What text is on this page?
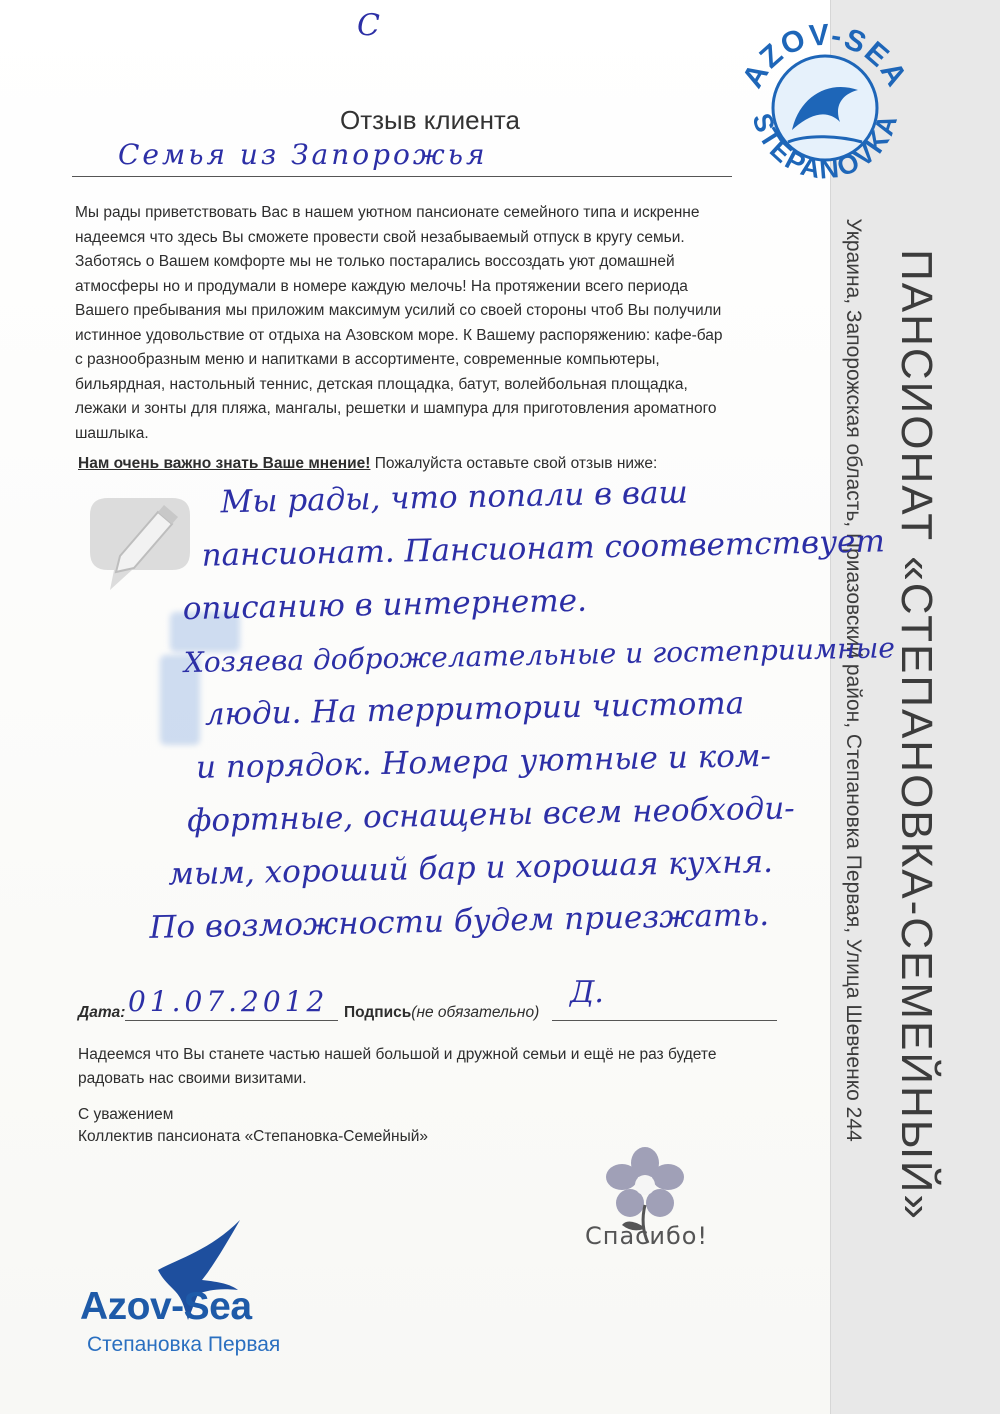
ПАНСИОНАТ «СТЕПАНОВКА-СЕМЕЙНЫЙ»
Украина, Запорожская область, Приазовский район, Степановка Первая, Улица Шевченко 244
AZOV-SEA
STEPANOVKA
С
Отзыв клиента
Семья из Запорожья
Мы рады приветствовать Вас в нашем уютном пансионате семейного типа и искренне
надеемся что здесь Вы сможете провести свой незабываемый отпуск в кругу семьи.
Заботясь о Вашем комфорте мы не только постарались воссоздать уют домашней
атмосферы но и продумали в номере каждую мелочь! На протяжении всего периода
Вашего пребывания мы приложим максимум усилий со своей стороны чтоб Вы получили
истинное удовольствие от отдыха на Азовском море. К Вашему распоряжению: кафе-бар
с разнообразным меню и напитками в ассортименте, современные компьютеры,
бильярдная, настольный теннис, детская площадка, батут, волейбольная площадка,
лежаки и зонты для пляжа, мангалы, решетки и шампура для приготовления ароматного
шашлыка.
Нам очень важно знать Ваше мнение! Пожалуйста оставьте свой отзыв ниже:
Мы рады, что попали в ваш
пансионат. Пансионат соответствует
описанию в интернете.
Хозяева доброжелательные и гостеприимные
люди. На территории чистота
и порядок. Номера уютные и ком-
фортные, оснащены всем необходи-
мым, хороший бар и хорошая кухня.
По возможности будем приезжать.
Дата: 01.07.2012 Подпись(не обязательно)
Д.
Надеемся что Вы станете частью нашей большой и дружной семьи и ещё не раз будете радовать нас своими визитами.
С уважением
Коллектив пансионата «Степановка-Семейный»
Спасибо!
Azov-Sea
Степановка Первая
